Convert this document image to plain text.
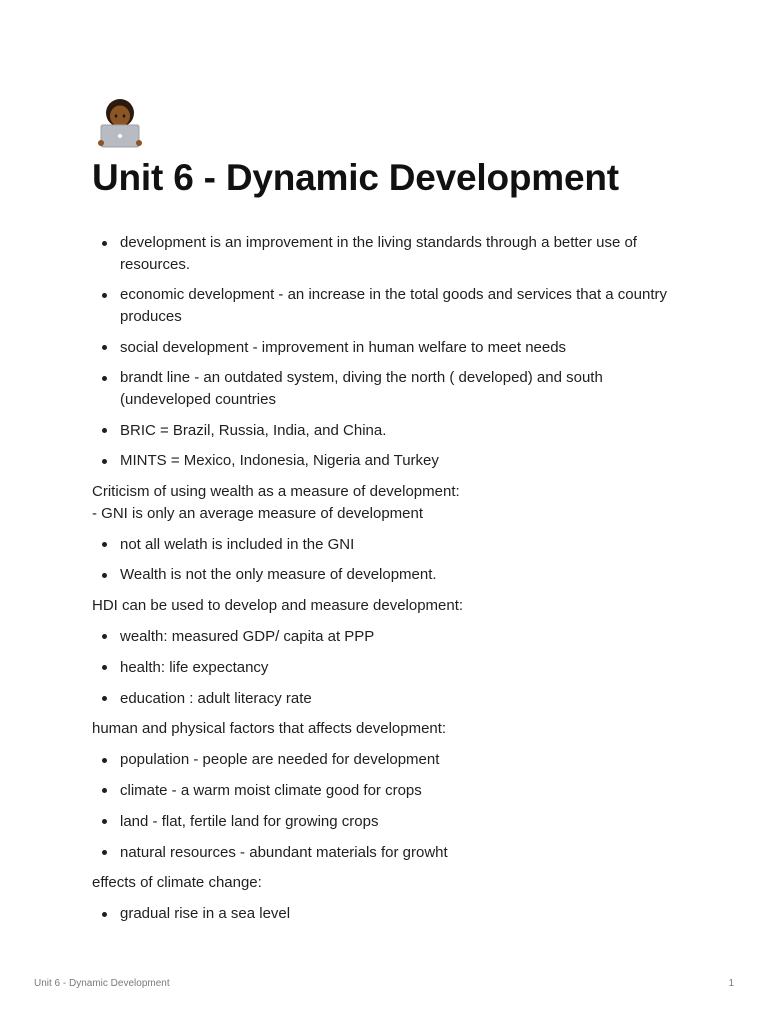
Unit 6 - Dynamic Development
development is an improvement in the living standards through a better use of resources.
economic development - an increase in the total goods and services that a country produces
social development - improvement in human welfare to meet needs
brandt line - an outdated system, diving the north ( developed) and south (undeveloped countries
BRIC = Brazil, Russia, India, and China.
MINTS = Mexico, Indonesia, Nigeria and Turkey

Criticism of using wealth as a measure of development:
- GNI is only an average measure of development

not all welath is included in the GNI
Wealth is not the only measure of development.

HDI can be used to develop and measure development:

wealth: measured GDP/ capita at PPP
health: life expectancy
education : adult literacy rate

human and physical factors that affects development:

population - people are needed for development
climate - a warm moist climate good for crops
land - flat, fertile land for growing crops
natural resources - abundant materials for growht

effects of climate change:

gradual rise in a sea level
Unit 6 - Dynamic Development	1
